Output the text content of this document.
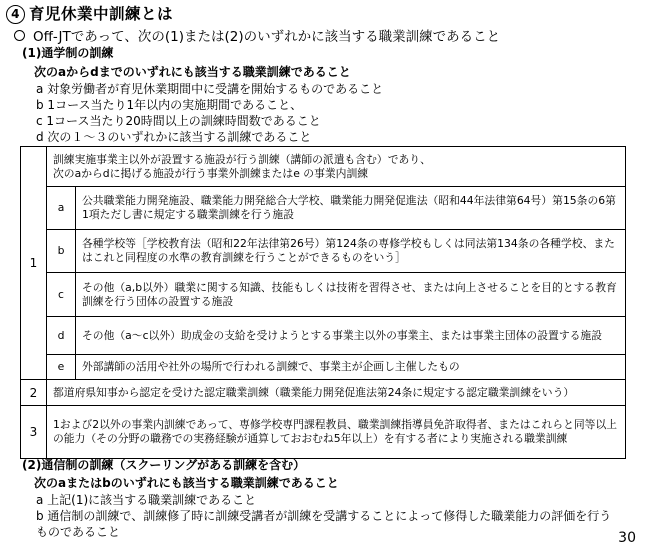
4 育児休業中訓練とは
Off-JTであって、次の(1)または(2)のいずれかに該当する職業訓練であること
(1)通学制の訓練
次のaからdまでのいずれにも該当する職業訓練であること
a 対象労働者が育児休業期間中に受講を開始するものであること
b 1コース当たり1年以内の実施期間であること、
c 1コース当たり20時間以上の訓練時間数であること
d 次の１～３のいずれかに該当する訓練であること
1	訓練実施事業主以外が設置する施設が行う訓練（講師の派遣も含む）であり、
次のaからdに掲げる施設が行う事業外訓練またはe の事業内訓練	

	a	公共職業能力開発施設、職業能力開発総合大学校、職業能力開発促進法（昭和44年法律第64号）第15条の6第1項ただし書に規定する職業訓練を行う施設
	b	各種学校等［学校教育法（昭和22年法律第26号）第124条の専修学校もしくは同法第134条の各種学校、またはこれと同程度の水準の教育訓練を行うことができるものをいう］
	c	その他（a,b以外）職業に関する知識、技能もしくは技術を習得させ、または向上させることを目的とする教育訓練を行う団体の設置する施設
	d	その他（a～c以外）助成金の支給を受けようとする事業主以外の事業主、または事業主団体の設置する施設
	e	外部講師の活用や社外の場所で行われる訓練で、事業主が企画し主催したもの
2	都道府県知事から認定を受けた認定職業訓練（職業能力開発促進法第24条に規定する認定職業訓練をいう）	
3	1および2以外の事業内訓練であって、専修学校専門課程教員、職業訓練指導員免許取得者、またはこれらと同等以上の能力（その分野の職務での実務経験が通算しておおむね5年以上）を有する者により実施される職業訓練	
(2)通信制の訓練（スクーリングがある訓練を含む）
次のaまたはbのいずれにも該当する職業訓練であること
a 上記(1)に該当する職業訓練であること
b 通信制の訓練で、訓練修了時に訓練受講者が訓練を受講することによって修得した職業能力の評価を行うものであること	30
